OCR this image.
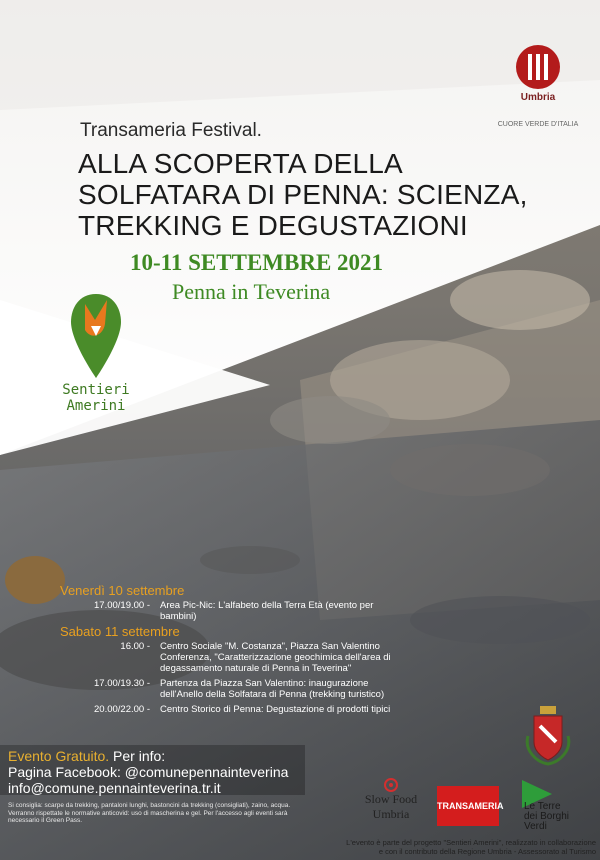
Umbria
CUORE VERDE D'ITALIA
Transameria Festival.
ALLA SCOPERTA DELLA
SOLFATARA DI PENNA: SCIENZA,
TREKKING E DEGUSTAZIONI
10-11 SETTEMBRE 2021
Penna in Teverina
Sentieri
Amerini
Venerdì 10 settembre
17.00/19.00 -	Area Pic-Nic: L'alfabeto della Terra Età (evento per bambini)
Sabato 11 settembre
16.00 -	Centro Sociale "M. Costanza", Piazza San Valentino Conferenza, "Caratterizzazione geochimica dell'area di degassamento naturale di Penna in Teverina"
17.00/19.30 -	Partenza da Piazza San Valentino: inaugurazione dell'Anello della Solfatara di Penna (trekking turistico)
20.00/22.00 -	Centro Storico di Penna: Degustazione di prodotti tipici
Evento Gratuito. Per info:
Pagina Facebook: @comunepennainteverina
info@comune.pennainteverina.tr.it
Si consiglia: scarpe da trekking, pantaloni lunghi, bastoncini da trekking (consigliati), zaino, acqua. Verranno rispettate le normative anticovid: uso di mascherina e gel. Per l'accesso agli eventi sarà necessario il Green Pass.
Slow Food
Umbria
TRANSAMERIA Le Terre
dei Borghi
Verdi
L'evento è parte del progetto "Sentieri Amerini", realizzato in collaborazione
e con il contributo della Regione Umbria - Assessorato al Turismo
